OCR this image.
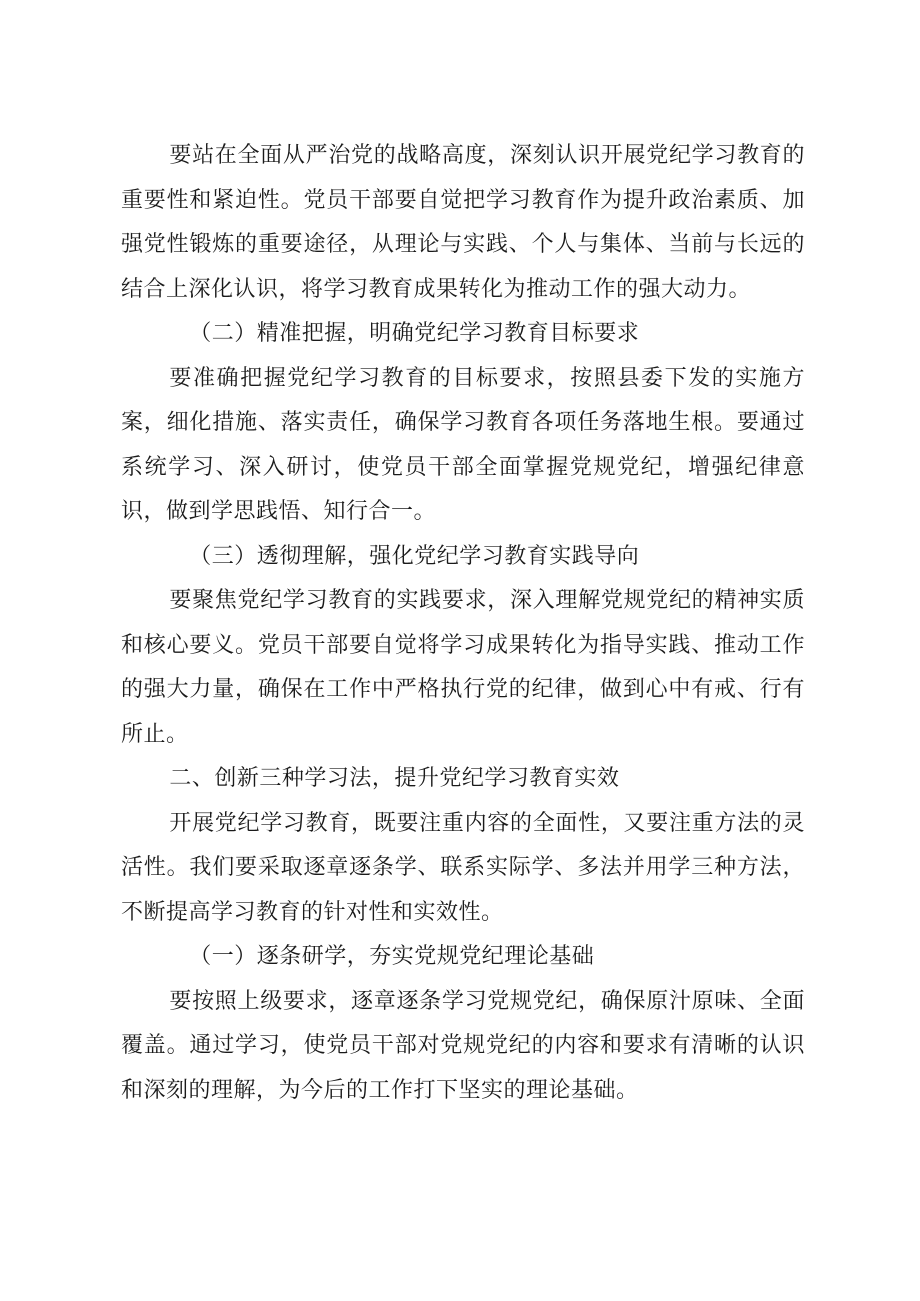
要站在全面从严治党的战略高度，深刻认识开展党纪学习教育的重要性和紧迫性。党员干部要自觉把学习教育作为提升政治素质、加强党性锻炼的重要途径，从理论与实践、个人与集体、当前与长远的结合上深化认识，将学习教育成果转化为推动工作的强大动力。

（二）精准把握，明确党纪学习教育目标要求

要准确把握党纪学习教育的目标要求，按照县委下发的实施方案，细化措施、落实责任，确保学习教育各项任务落地生根。要通过系统学习、深入研讨，使党员干部全面掌握党规党纪，增强纪律意识，做到学思践悟、知行合一。

（三）透彻理解，强化党纪学习教育实践导向

要聚焦党纪学习教育的实践要求，深入理解党规党纪的精神实质和核心要义。党员干部要自觉将学习成果转化为指导实践、推动工作的强大力量，确保在工作中严格执行党的纪律，做到心中有戒、行有所止。

二、创新三种学习法，提升党纪学习教育实效

开展党纪学习教育，既要注重内容的全面性，又要注重方法的灵活性。我们要采取逐章逐条学、联系实际学、多法并用学三种方法，不断提高学习教育的针对性和实效性。

（一）逐条研学，夯实党规党纪理论基础

要按照上级要求，逐章逐条学习党规党纪，确保原汁原味、全面覆盖。通过学习，使党员干部对党规党纪的内容和要求有清晰的认识和深刻的理解，为今后的工作打下坚实的理论基础。
